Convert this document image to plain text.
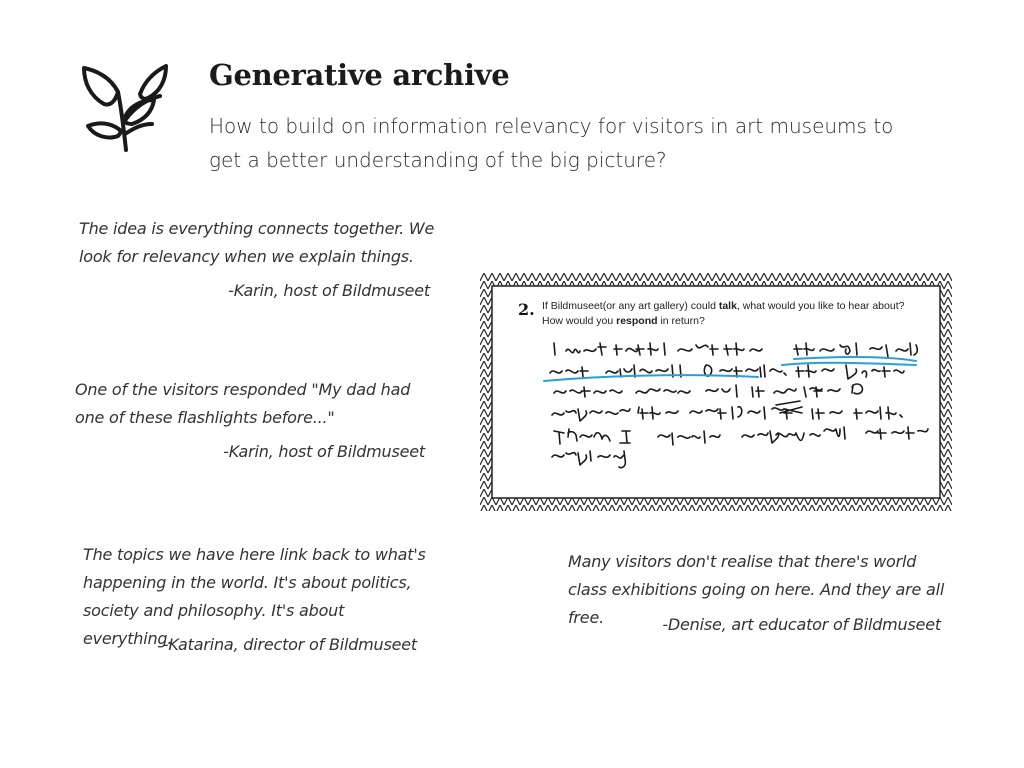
Generative archive

How to build on information relevancy for visitors in art museums to get a better understanding of the big picture?

The idea is everything connects together. We look for relevancy when we explain things.

-Karin, host of Bildmuseet

One of the visitors responded "My dad had one of these flashlights before..."

-Karin, host of Bildmuseet

The topics we have here link back to what's happening in the world. It's about politics, society and philosophy. It's about everything.

-Katarina, director of Bildmuseet

Many visitors don't realise that there's world class exhibitions going on here. And they are all free.	-Denise, art educator of Bildmuseet

2. If Bildmuseet(or any art gallery) could talk, what would you like to hear about?
How would you respond in return?
